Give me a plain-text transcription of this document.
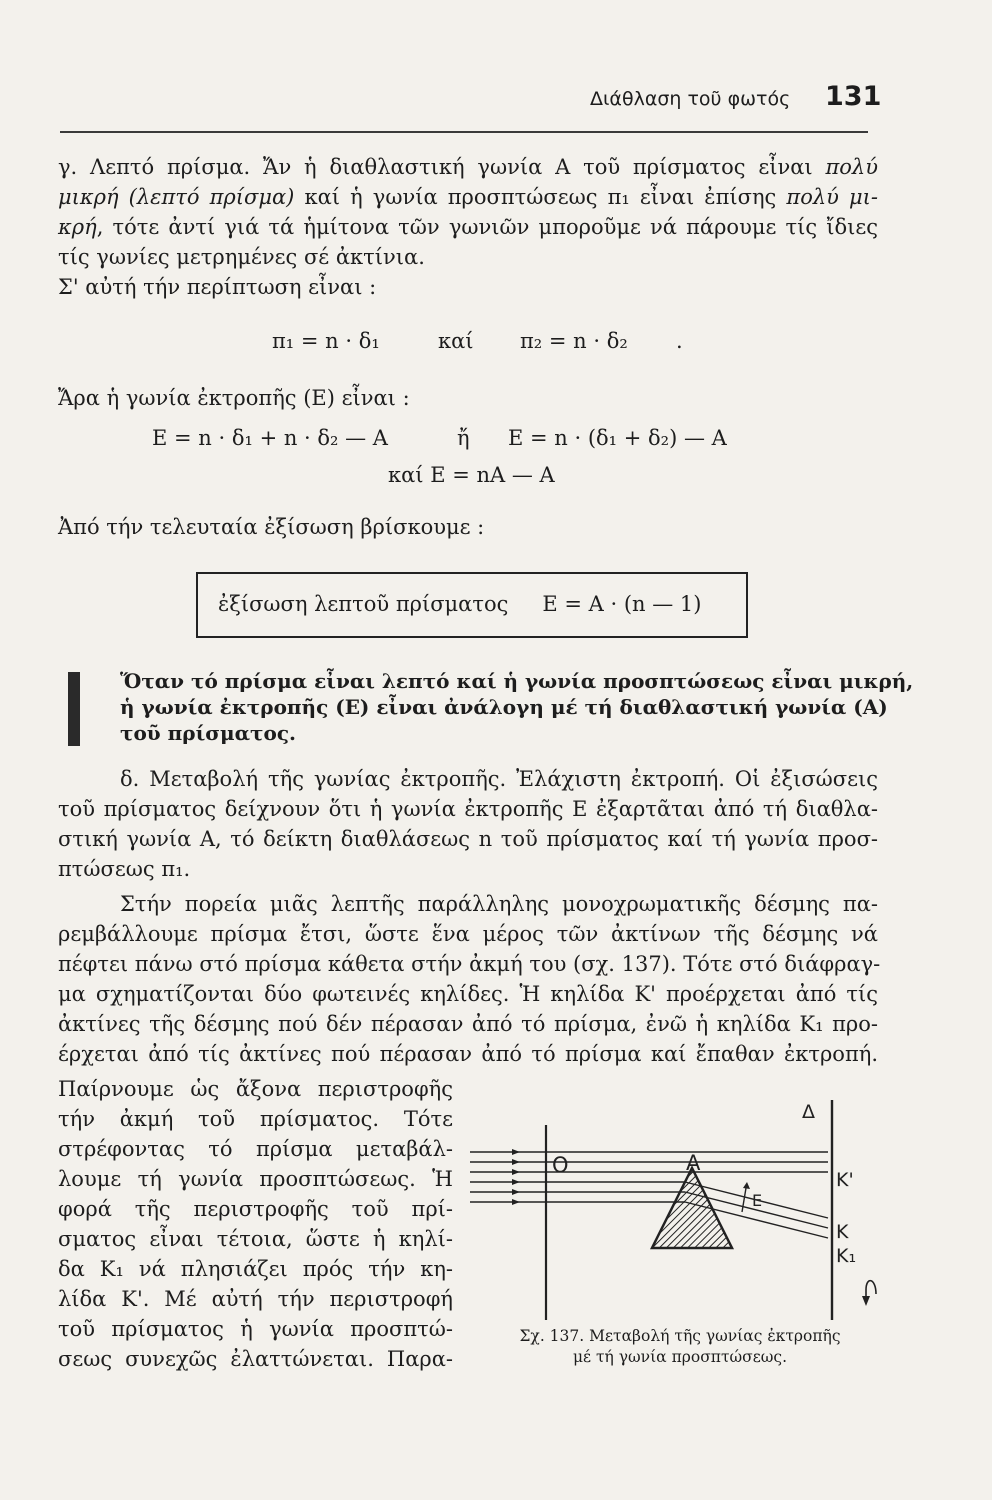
Διάθλαση τοῦ φωτός 131
γ. Λεπτό πρίσμα. Ἄν ἡ διαθλαστική γωνία Α τοῦ πρίσματος εἶναι πολύ
μικρή (λεπτό πρίσμα) καί ἡ γωνία προσπτώσεως π₁ εἶναι ἐπίσης πολύ μι-
κρή, τότε ἀντί γιά τά ἡμίτονα τῶν γωνιῶν μποροῦμε νά πάρουμε τίς ἴδιες
τίς γωνίες μετρημένες σέ ἀκτίνια.
Σ' αὐτή τήν περίπτωση εἶναι :
π₁ = n · δ₁	καί π₂ = n · δ₂ .
Ἄρα ἡ γωνία ἐκτροπῆς (Ε) εἶναι :
Ε = n · δ₁ + n · δ₂ — Α	ἤ Ε = n · (δ₁ + δ₂) — Α
καί Ε = nΑ — Α
Ἀπό τήν τελευταία ἐξίσωση βρίσκουμε :
ἐξίσωση λεπτοῦ πρίσματος Ε = Α · (n — 1)
Ὅταν τό πρίσμα εἶναι λεπτό καί ἡ γωνία προσπτώσεως εἶναι μικρή,
ἡ γωνία ἐκτροπῆς (Ε) εἶναι ἀνάλογη μέ τή διαθλαστική γωνία (Α)
τοῦ πρίσματος.
δ. Μεταβολή τῆς γωνίας ἐκτροπῆς. Ἐλάχιστη ἐκτροπή. Οἱ ἐξισώσεις
τοῦ πρίσματος δείχνουν ὅτι ἡ γωνία ἐκτροπῆς Ε ἐξαρτᾶται ἀπό τή διαθλα-
στική γωνία Α, τό δείκτη διαθλάσεως n τοῦ πρίσματος καί τή γωνία προσ-
πτώσεως π₁.
Στήν πορεία μιᾶς λεπτῆς παράλληλης μονοχρωματικῆς δέσμης πα-
ρεμβάλλουμε πρίσμα ἔτσι, ὥστε ἕνα μέρος τῶν ἀκτίνων τῆς δέσμης νά
πέφτει πάνω στό πρίσμα κάθετα στήν ἀκμή του (σχ. 137). Τότε στό διάφραγ-
μα σχηματίζονται δύο φωτεινές κηλίδες. Ἡ κηλίδα Κ' προέρχεται ἀπό τίς
ἀκτίνες τῆς δέσμης πού δέν πέρασαν ἀπό τό πρίσμα, ἐνῶ ἡ κηλίδα Κ₁ προ-
έρχεται ἀπό τίς ἀκτίνες πού πέρασαν ἀπό τό πρίσμα καί ἔπαθαν ἐκτροπή.
Παίρνουμε ὡς ἄξονα περιστροφῆς
τήν ἀκμή τοῦ πρίσματος. Τότε
στρέφοντας τό πρίσμα μεταβάλ-
λουμε τή γωνία προσπτώσεως. Ἡ
φορά τῆς περιστροφῆς τοῦ πρί-
σματος εἶναι τέτοια, ὥστε ἡ κηλί-
δα Κ₁ νά πλησιάζει πρός τήν κη-
λίδα Κ'. Μέ αὐτή τήν περιστροφή
τοῦ πρίσματος ἡ γωνία προσπτώ-
σεως συνεχῶς ἐλαττώνεται. Παρα-
Ο	Α
Ε
Δ
Κ'
Κ
Κ₁
Σχ. 137. Μεταβολή τῆς γωνίας ἐκτροπῆς
μέ τή γωνία προσπτώσεως.
